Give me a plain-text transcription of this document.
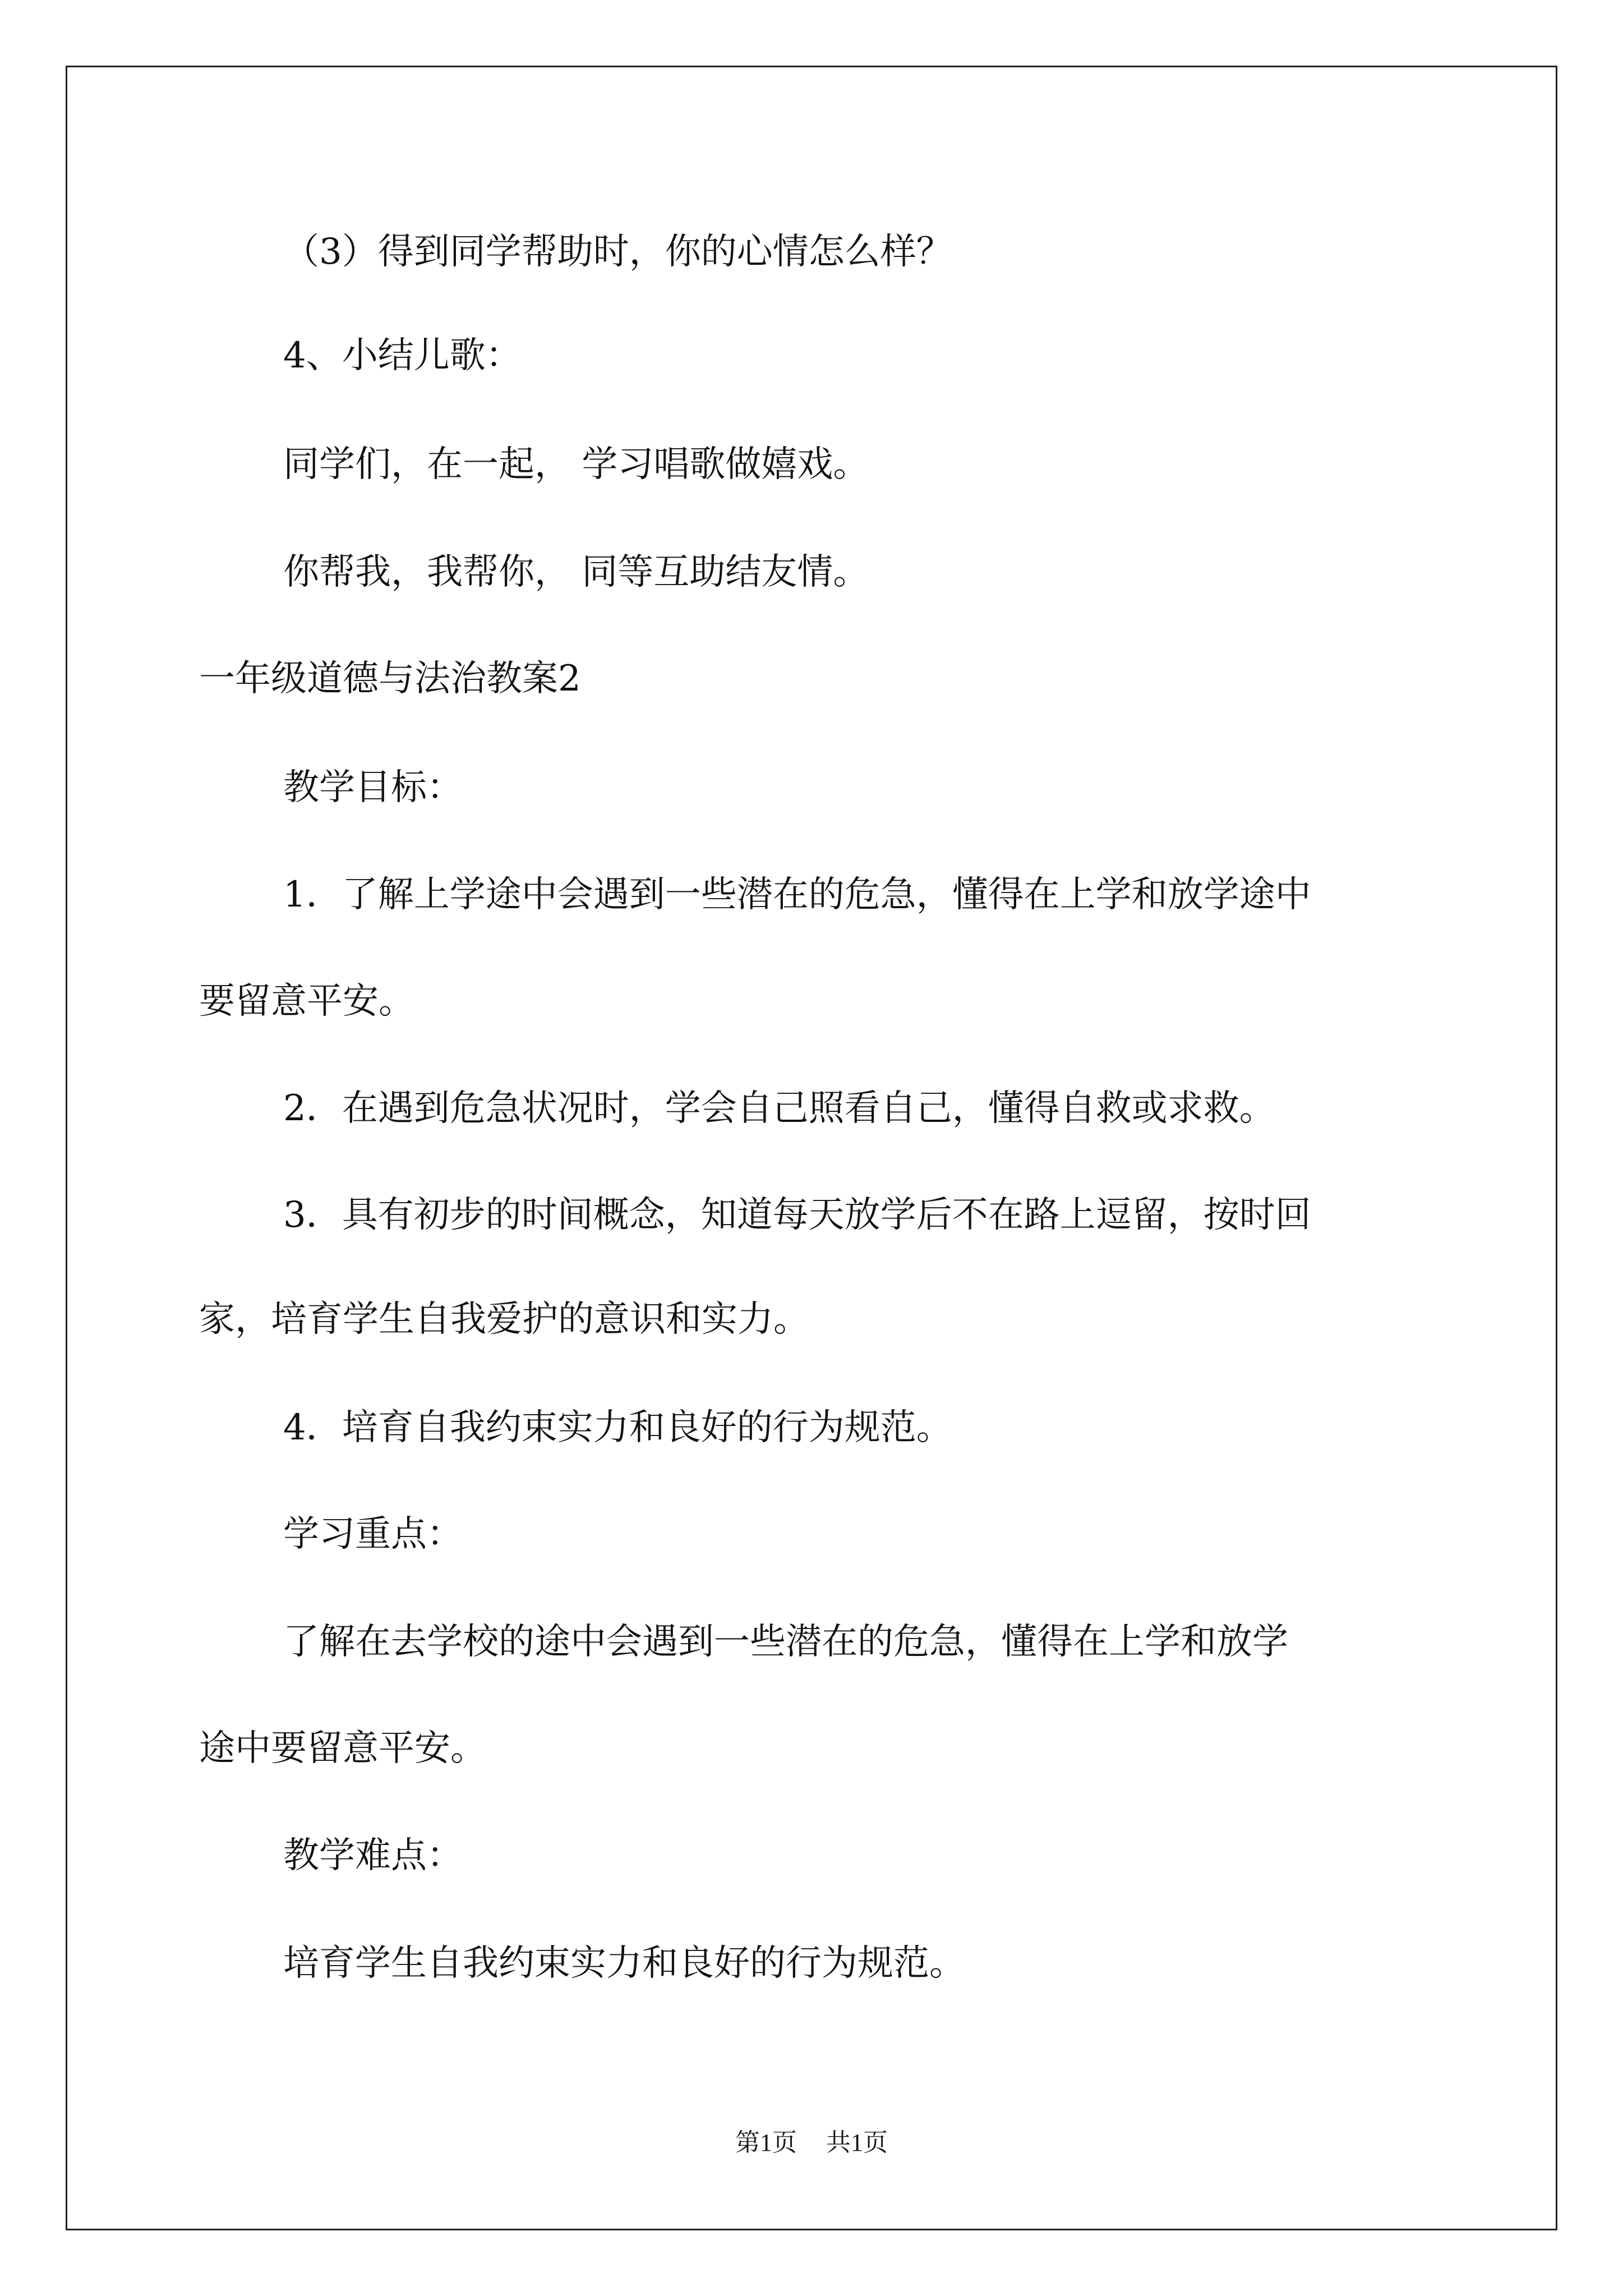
（3）得到同学帮助时，你的心情怎么样？
4、小结儿歌：
同学们，在一起， 学习唱歌做嬉戏。
你帮我，我帮你， 同等互助结友情。
一年级道德与法治教案2
教学目标：
1．了解上学途中会遇到一些潜在的危急，懂得在上学和放学途中
要留意平安。
2．在遇到危急状况时，学会自己照看自己，懂得自救或求救。
3．具有初步的时间概念，知道每天放学后不在路上逗留，按时回
家，培育学生自我爱护的意识和实力。
4．培育自我约束实力和良好的行为规范。
学习重点：
了解在去学校的途中会遇到一些潜在的危急，懂得在上学和放学
途中要留意平安。
教学难点：
培育学生自我约束实力和良好的行为规范。
第1页 共1页
